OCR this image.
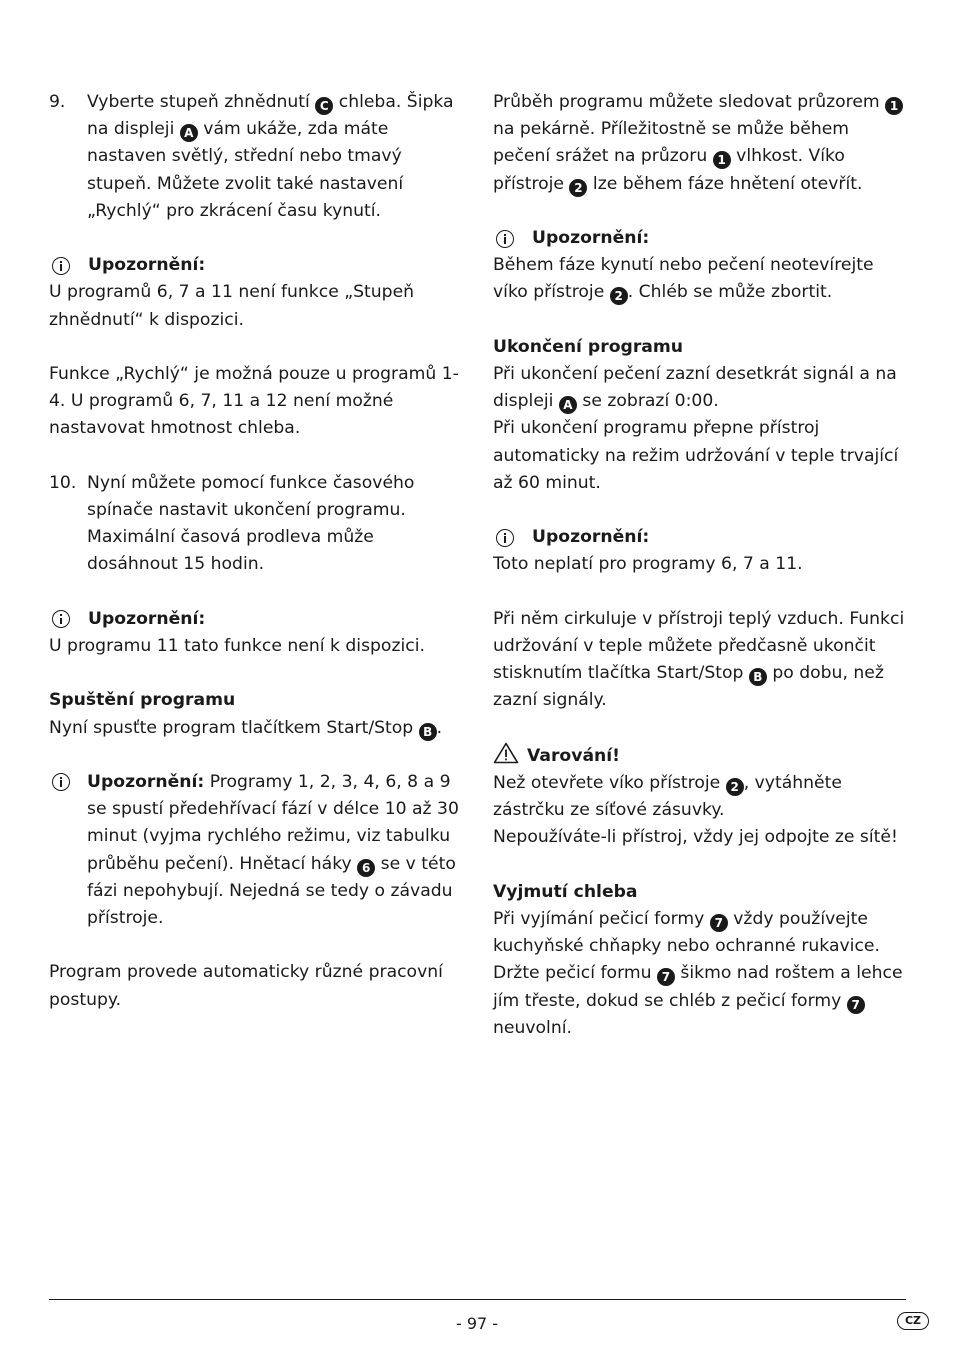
9. Vyberte stupeň zhnědnutí C chleba. Šipka na displeji A vám ukáže, zda máte nastaven světlý, střední nebo tmavý stupeň. Můžete zvolit také nastavení „Rychlý“ pro zkrácení času kynutí.

Upozornění:

U programů 6, 7 a 11 není funkce „Stupeň zhnědnutí“ k dispozici.

Funkce „Rychlý“ je možná pouze u programů 1-4. U programů 6, 7, 11 a 12 není možné nastavovat hmotnost chleba.

10. Nyní můžete pomocí funkce časového spínače nastavit ukončení programu. Maximální časová prodleva může dosáhnout 15 hodin.

Upozornění:

U programu 11 tato funkce není k dispozici.

Spuštění programu

Nyní spusťte program tlačítkem Start/Stop B .

Upozornění: Programy 1, 2, 3, 4, 6, 8 a 9 se spustí předehřívací fází v délce 10 až 30 minut (vyjma rychlého režimu, viz tabulku průběhu pečení). Hnětací háky 6 se v této fázi nepohybují. Nejedná se tedy o závadu přístroje.

Program provede automaticky různé pracovní postupy.

Průběh programu můžete sledovat průzorem 1 na pekárně. Příležitostně se může během pečení srážet na průzoru 1 vlhkost. Víko přístroje 2 lze během fáze hnětení otevřít.

Upozornění:

Během fáze kynutí nebo pečení neotevírejte víko přístroje 2 . Chléb se může zbortit.

Ukončení programu

Při ukončení pečení zazní desetkrát signál a na displeji A se zobrazí 0:00.

Při ukončení programu přepne přístroj automaticky na režim udržování v teple trvající až 60 minut.

Upozornění:

Toto neplatí pro programy 6, 7 a 11.

Při něm cirkuluje v přístroji teplý vzduch. Funkci udržování v teple můžete předčasně ukončit stisknutím tlačítka Start/Stop B po dobu, než zazní signály.

Varování!

Než otevřete víko přístroje 2 , vytáhněte zástrčku ze síťové zásuvky.

Nepoužíváte-li přístroj, vždy jej odpojte ze sítě!

Vyjmutí chleba

Při vyjímání pečicí formy 7 vždy používejte kuchyňské chňapky nebo ochranné rukavice.

Držte pečicí formu 7 šikmo nad roštem a lehce jím třeste, dokud se chléb z pečicí formy 7 neuvolní.

- 97 -	CZ
